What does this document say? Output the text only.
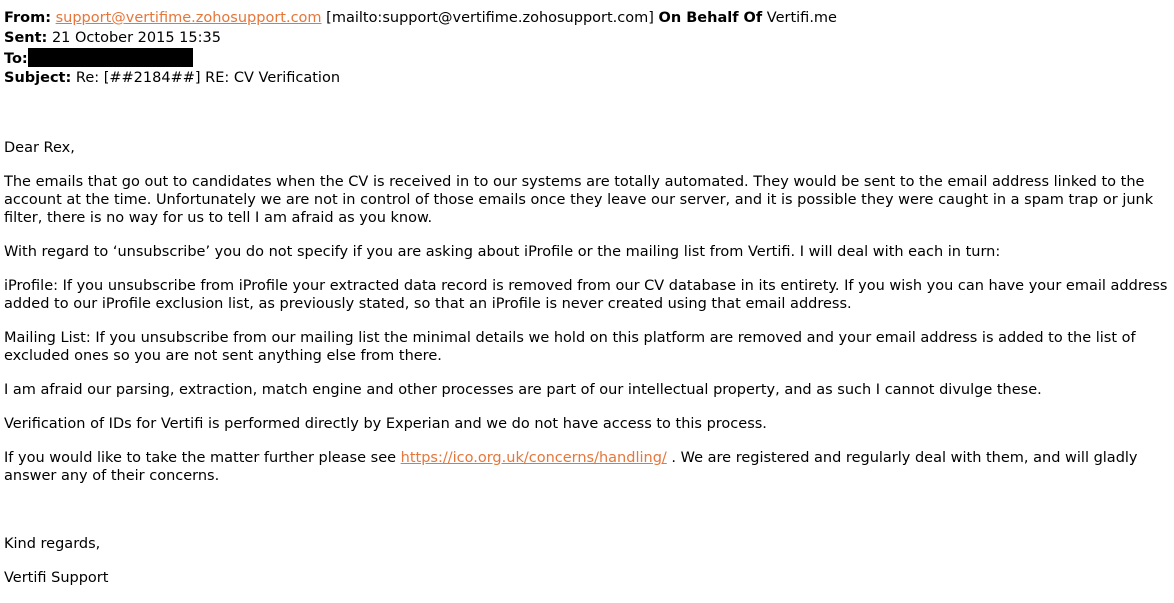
From: support@vertifime.zohosupport.com [mailto:support@vertifime.zohosupport.com] On Behalf Of Vertifi.me
Sent: 21 October 2015 15:35
To:
Subject: Re: [##2184##] RE: CV Verification

Dear Rex,

The emails that go out to candidates when the CV is received in to our systems are totally automated. They would be sent to the email address linked to the account at the time. Unfortunately we are not in control of those emails once they leave our server, and it is possible they were caught in a spam trap or junk filter, there is no way for us to tell I am afraid as you know.

With regard to ‘unsubscribe’ you do not specify if you are asking about iProfile or the mailing list from Vertifi. I will deal with each in turn:

iProfile: If you unsubscribe from iProfile your extracted data record is removed from our CV database in its entirety. If you wish you can have your email address added to our iProfile exclusion list, as previously stated, so that an iProfile is never created using that email address.

Mailing List: If you unsubscribe from our mailing list the minimal details we hold on this platform are removed and your email address is added to the list of excluded ones so you are not sent anything else from there.

I am afraid our parsing, extraction, match engine and other processes are part of our intellectual property, and as such I cannot divulge these.

Verification of IDs for Vertifi is performed directly by Experian and we do not have access to this process.

If you would like to take the matter further please see https://ico.org.uk/concerns/handling/ . We are registered and regularly deal with them, and will gladly answer any of their concerns.

Kind regards,

Vertifi Support
